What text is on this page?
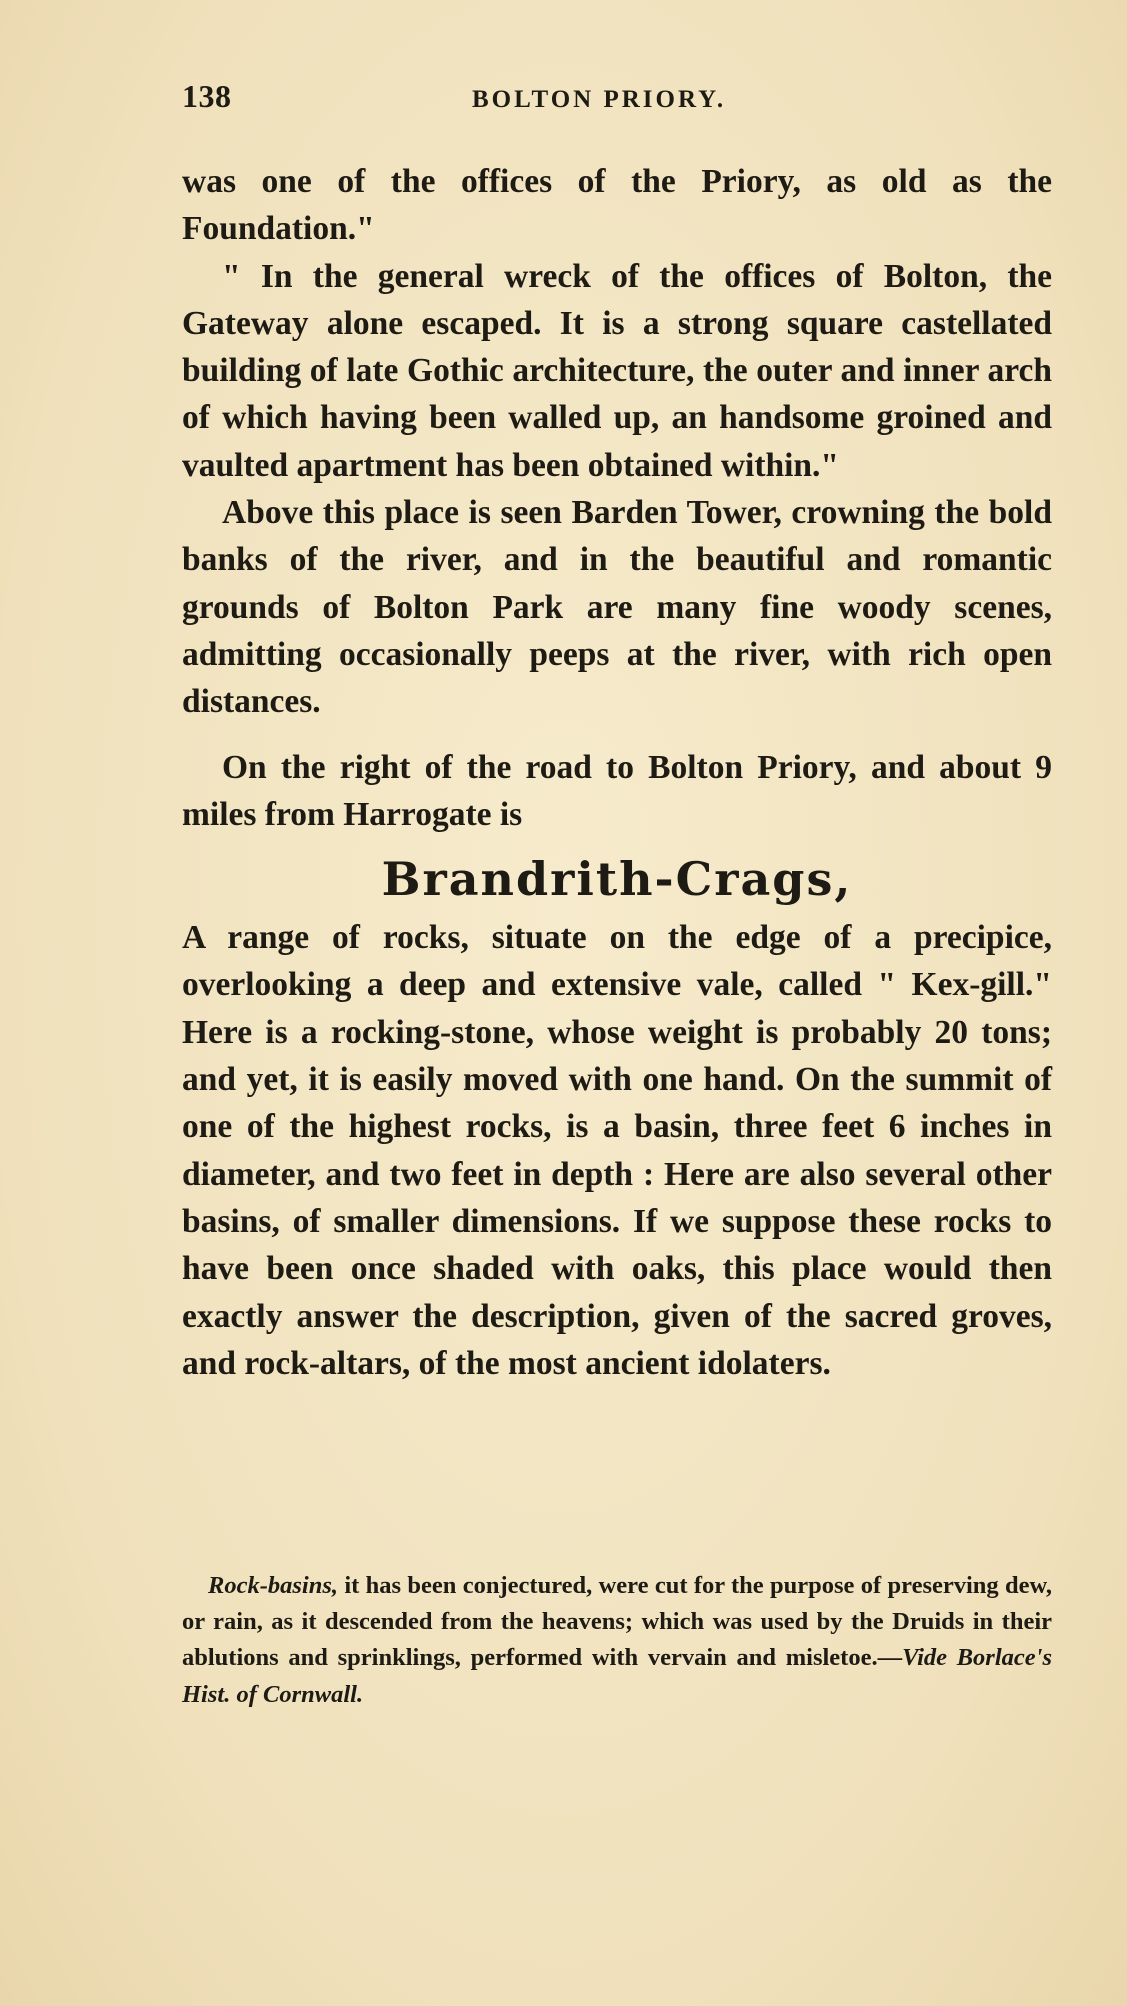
138	BOLTON PRIORY.

was one of the offices of the Priory, as old as the Foundation."

" In the general wreck of the offices of Bolton, the Gateway alone escaped. It is a strong square castellated building of late Gothic architecture, the outer and inner arch of which having been walled up, an handsome groined and vaulted apartment has been obtained within."

Above this place is seen Barden Tower, crowning the bold banks of the river, and in the beautiful and romantic grounds of Bolton Park are many fine woody scenes, admitting occasionally peeps at the river, with rich open distances.

On the right of the road to Bolton Priory, and about 9 miles from Harrogate is

Brandrith-Crags,

A range of rocks, situate on the edge of a precipice, overlooking a deep and extensive vale, called " Kex-gill." Here is a rocking-stone, whose weight is probably 20 tons; and yet, it is easily moved with one hand. On the summit of one of the highest rocks, is a basin, three feet 6 inches in diameter, and two feet in depth : Here are also several other basins, of smaller dimensions. If we suppose these rocks to have been once shaded with oaks, this place would then exactly answer the description, given of the sacred groves, and rock-altars, of the most ancient idolaters.

Rock-basins, it has been conjectured, were cut for the purpose of preserving dew, or rain, as it descended from the heavens; which was used by the Druids in their ablutions and sprinklings, performed with vervain and misletoe.—Vide Borlace's Hist. of Cornwall.
